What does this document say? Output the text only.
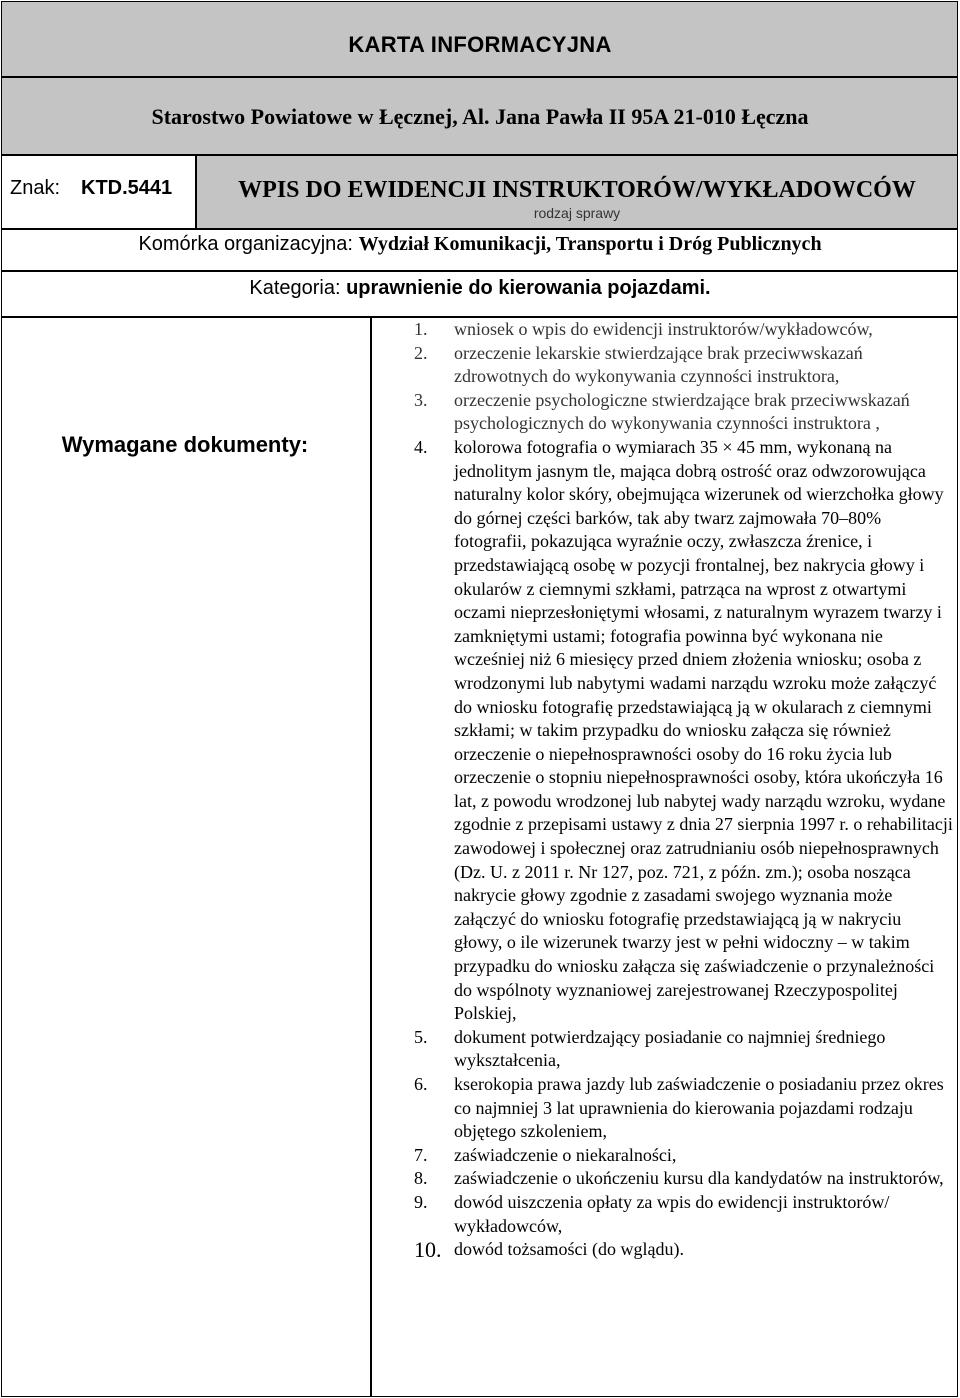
KARTA INFORMACYJNA
Starostwo Powiatowe w Łęcznej, Al. Jana Pawła II 95A 21-010 Łęczna
Znak: KTD.5441	WPIS DO EWIDENCJI INSTRUKTORÓW/WYKŁADOWCÓW
rodzaj sprawy
Komórka organizacyjna: Wydział Komunikacji, Transportu i Dróg Publicznych
Kategoria: uprawnienie do kierowania pojazdami.
Wymagane dokumenty:
1. wniosek o wpis do ewidencji instruktorów/wykładowców,
2. orzeczenie lekarskie stwierdzające brak przeciwwskazań zdrowotnych do wykonywania czynności instruktora,
3. orzeczenie psychologiczne stwierdzające brak przeciwwskazań psychologicznych do wykonywania czynności instruktora ,
4. kolorowa fotografia o wymiarach 35 × 45 mm, wykonaną na jednolitym jasnym tle, mająca dobrą ostrość oraz odwzorowująca naturalny kolor skóry, obejmująca wizerunek od wierzchołka głowy do górnej części barków, tak aby twarz zajmowała 70–80% fotografii, pokazująca wyraźnie oczy, zwłaszcza źrenice, i przedstawiającą osobę w pozycji frontalnej, bez nakrycia głowy i okularów z ciemnymi szkłami, patrząca na wprost z otwartymi oczami nieprzesłoniętymi włosami, z naturalnym wyrazem twarzy i zamkniętymi ustami; fotografia powinna być wykonana nie wcześniej niż 6 miesięcy przed dniem złożenia wniosku; osoba z wrodzonymi lub nabytymi wadami narządu wzroku może załączyć do wniosku fotografię przedstawiającą ją w okularach z ciemnymi szkłami; w takim przypadku do wniosku załącza się również orzeczenie o niepełnosprawności osoby do 16 roku życia lub orzeczenie o stopniu niepełnosprawności osoby, która ukończyła 16 lat, z powodu wrodzonej lub nabytej wady narządu wzroku, wydane zgodnie z przepisami ustawy z dnia 27 sierpnia 1997 r. o rehabilitacji zawodowej i społecznej oraz zatrudnianiu osób niepełnosprawnych (Dz. U. z 2011 r. Nr 127, poz. 721, z późn. zm.); osoba nosząca nakrycie głowy zgodnie z zasadami swojego wyznania może załączyć do wniosku fotografię przedstawiającą ją w nakryciu głowy, o ile wizerunek twarzy jest w pełni widoczny – w takim przypadku do wniosku załącza się zaświadczenie o przynależności do wspólnoty wyznaniowej zarejestrowanej Rzeczypospolitej Polskiej,
5. dokument potwierdzający posiadanie co najmniej średniego wykształcenia,
6. kserokopia prawa jazdy lub zaświadczenie o posiadaniu przez okres co najmniej 3 lat uprawnienia do kierowania pojazdami rodzaju objętego szkoleniem,
7. zaświadczenie o niekaralności,
8. zaświadczenie o ukończeniu kursu dla kandydatów na instruktorów,
9. dowód uiszczenia opłaty za wpis do ewidencji instruktorów/ wykładowców,
10. dowód tożsamości (do wglądu).
